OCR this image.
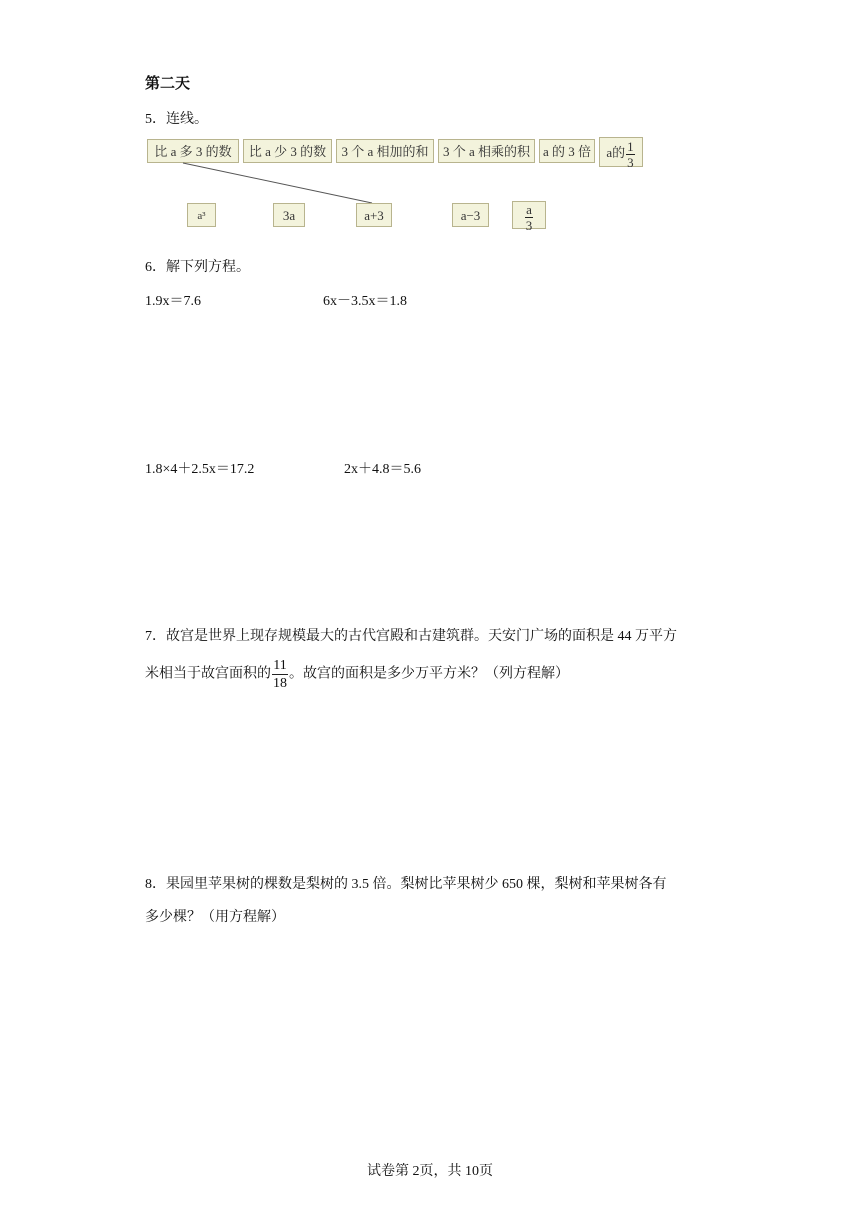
第二天
5．连线。
比 a 多 3 的数	比 a 少 3 的数	3 个 a 相加的和	3 个 a 相乘的积 a 的 3 倍	a的 $\frac{1}{3}$
a³	3a	a+3	a−3	$\frac{a}{3}$
6．解下列方程。
1.9x＝7.6	6x－3.5x＝1.8
1.8×4＋2.5x＝17.2	2x＋4.8＝5.6
7．故宫是世界上现存规模最大的古代宫殿和古建筑群。天安门广场的面积是 44 万平方
米相当于故宫面积的 $\frac{11}{18}$ 。故宫的面积是多少万平方米？（列方程解）
8．果园里苹果树的棵数是梨树的 3.5 倍。梨树比苹果树少 650 棵，梨树和苹果树各有
多少棵？（用方程解）
试卷第 2页，共 10页
